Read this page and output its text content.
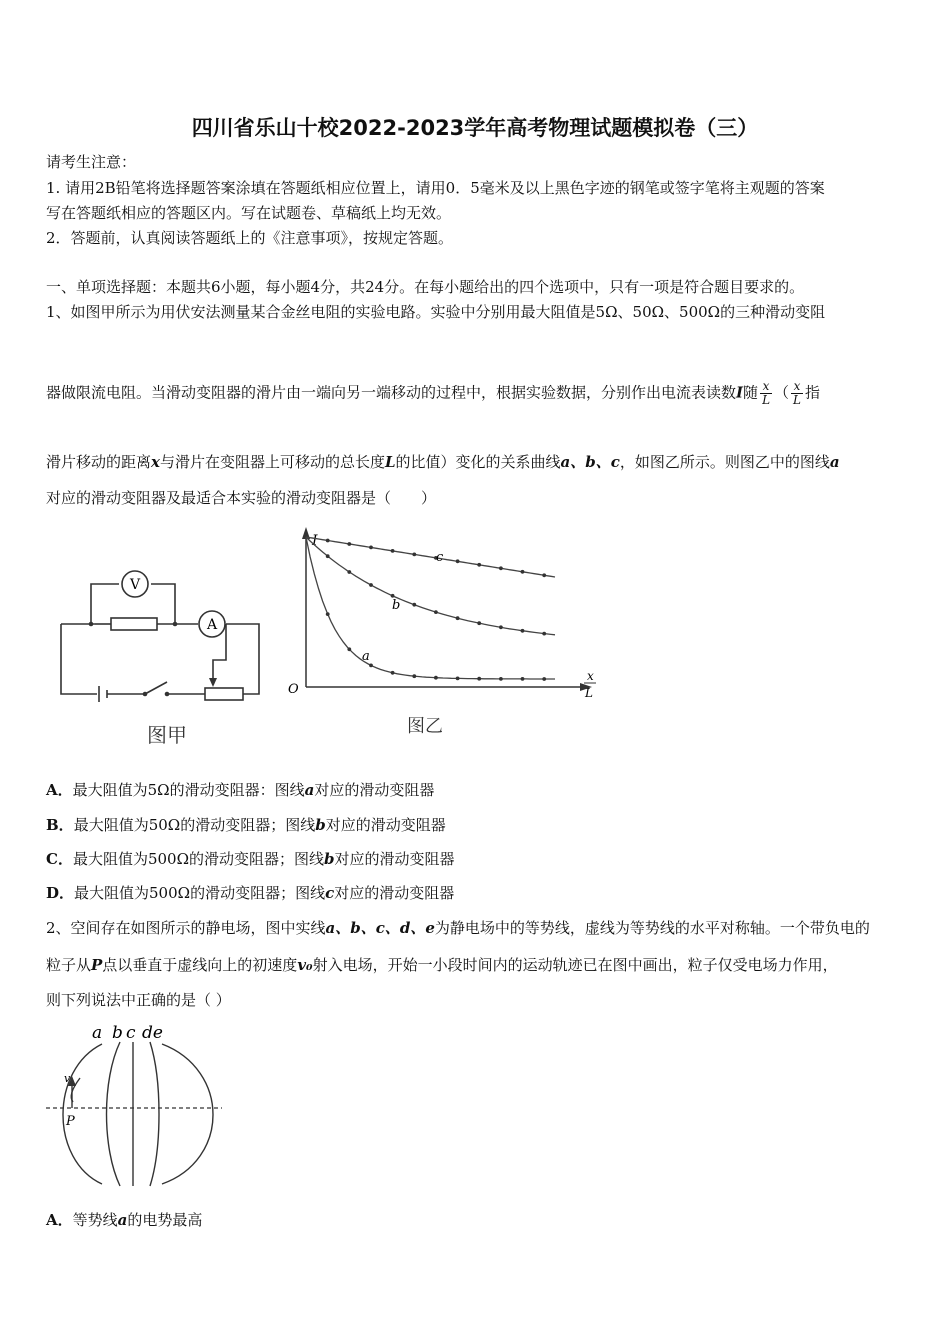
四川省乐山十校2022-2023学年高考物理试题模拟卷（三）
请考生注意：
1. 请用2B铅笔将选择题答案涂填在答题纸相应位置上，请用0．5毫米及以上黑色字迹的钢笔或签字笔将主观题的答案
写在答题纸相应的答题区内。写在试题卷、草稿纸上均无效。
2．答题前，认真阅读答题纸上的《注意事项》，按规定答题。
一、单项选择题：本题共6小题，每小题4分，共24分。在每小题给出的四个选项中，只有一项是符合题目要求的。
1、如图甲所示为用伏安法测量某合金丝电阻的实验电路。实验中分别用最大阻值是5Ω、50Ω、500Ω的三种滑动变阻
器做限流电阻。当滑动变阻器的滑片由一端向另一端移动的过程中，根据实验数据，分别作出电流表读数I随 $\frac{x}{L}$ （ $\frac{x}{L}$ 指
滑片移动的距离x与滑片在变阻器上可移动的总长度L的比值）变化的关系曲线a、b、c，如图乙所示。则图乙中的图线a
对应的滑动变阻器及最适合本实验的滑动变阻器是（　　）
V
A
图甲
I
O
x
L
c
b
a
图乙
A．最大阻值为5Ω的滑动变阻器：图线a对应的滑动变阻器
B．最大阻值为50Ω的滑动变阻器；图线b对应的滑动变阻器
C．最大阻值为500Ω的滑动变阻器；图线b对应的滑动变阻器
D．最大阻值为500Ω的滑动变阻器；图线c对应的滑动变阻器
2、空间存在如图所示的静电场，图中实线a、b、c、d、e为静电场中的等势线，虚线为等势线的水平对称轴。一个带负电的
粒子从P点以垂直于虚线向上的初速度v₀射入电场，开始一小段时间内的运动轨迹已在图中画出，粒子仅受电场力作用，
则下列说法中正确的是（ ）
a b c de
v
P
A．等势线a的电势最高
